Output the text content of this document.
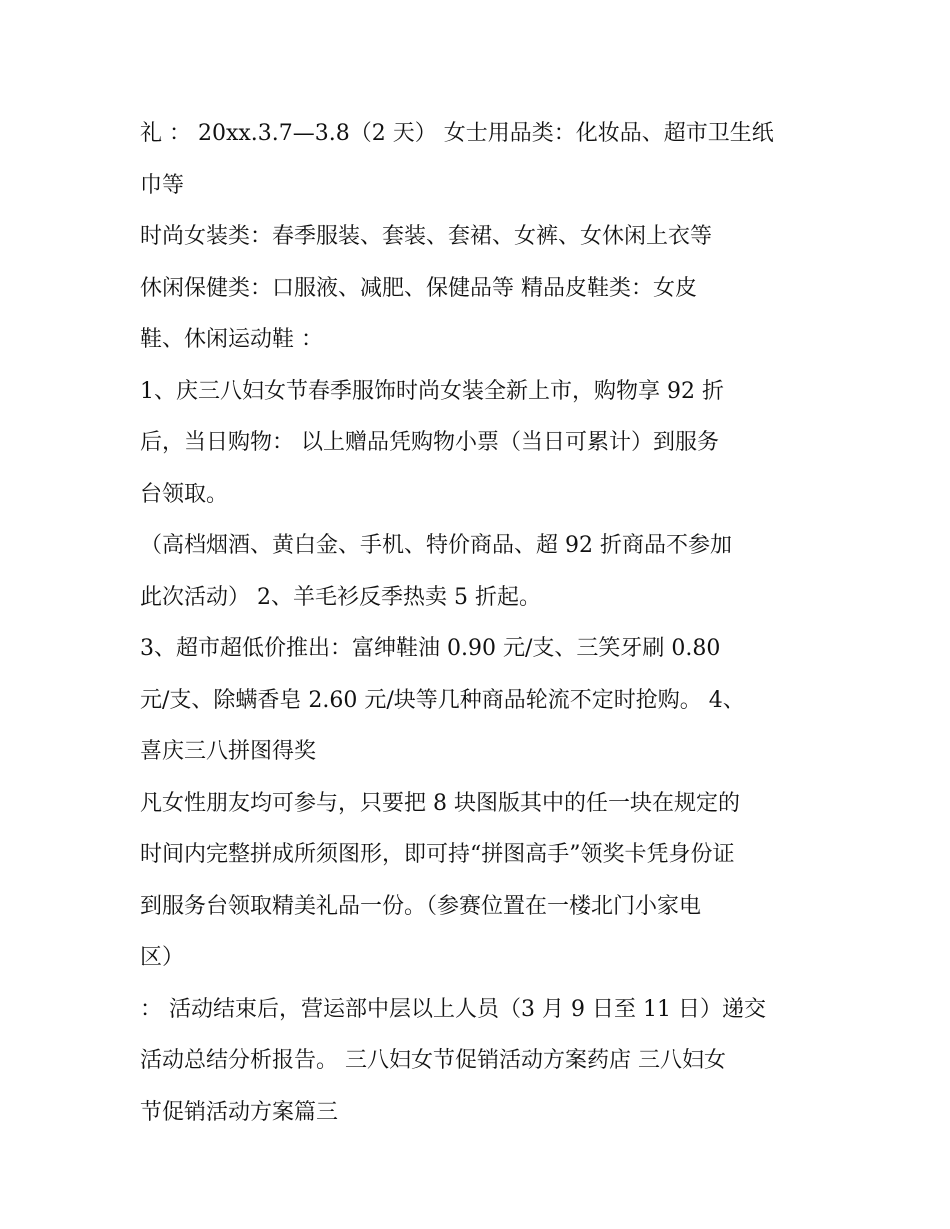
礼 ： 20xx.3.7—3.8（2 天） 女士用品类：化妆品、超市卫生纸
巾等
时尚女装类：春季服装、套装、套裙、女裤、女休闲上衣等
休闲保健类：口服液、减肥、保健品等 精品皮鞋类：女皮
鞋、休闲运动鞋 ：
1、庆三八妇女节春季服饰时尚女装全新上市，购物享 92 折
后，当日购物： 以上赠品凭购物小票（当日可累计）到服务
台领取。
（高档烟酒、黄白金、手机、特价商品、超 92 折商品不参加
此次活动） 2、羊毛衫反季热卖 5 折起。
3、超市超低价推出：富绅鞋油 0.90 元/支、三笑牙刷 0.80
元/支、除螨香皂 2.60 元/块等几种商品轮流不定时抢购。 4、
喜庆三八拼图得奖
凡女性朋友均可参与，只要把 8 块图版其中的任一块在规定的
时间内完整拼成所须图形，即可持“拼图高手”领奖卡凭身份证
到服务台领取精美礼品一份。（参赛位置在一楼北门小家电
区）
： 活动结束后，营运部中层以上人员（3 月 9 日至 11 日）递交
活动总结分析报告。 三八妇女节促销活动方案药店 三八妇女
节促销活动方案篇三
